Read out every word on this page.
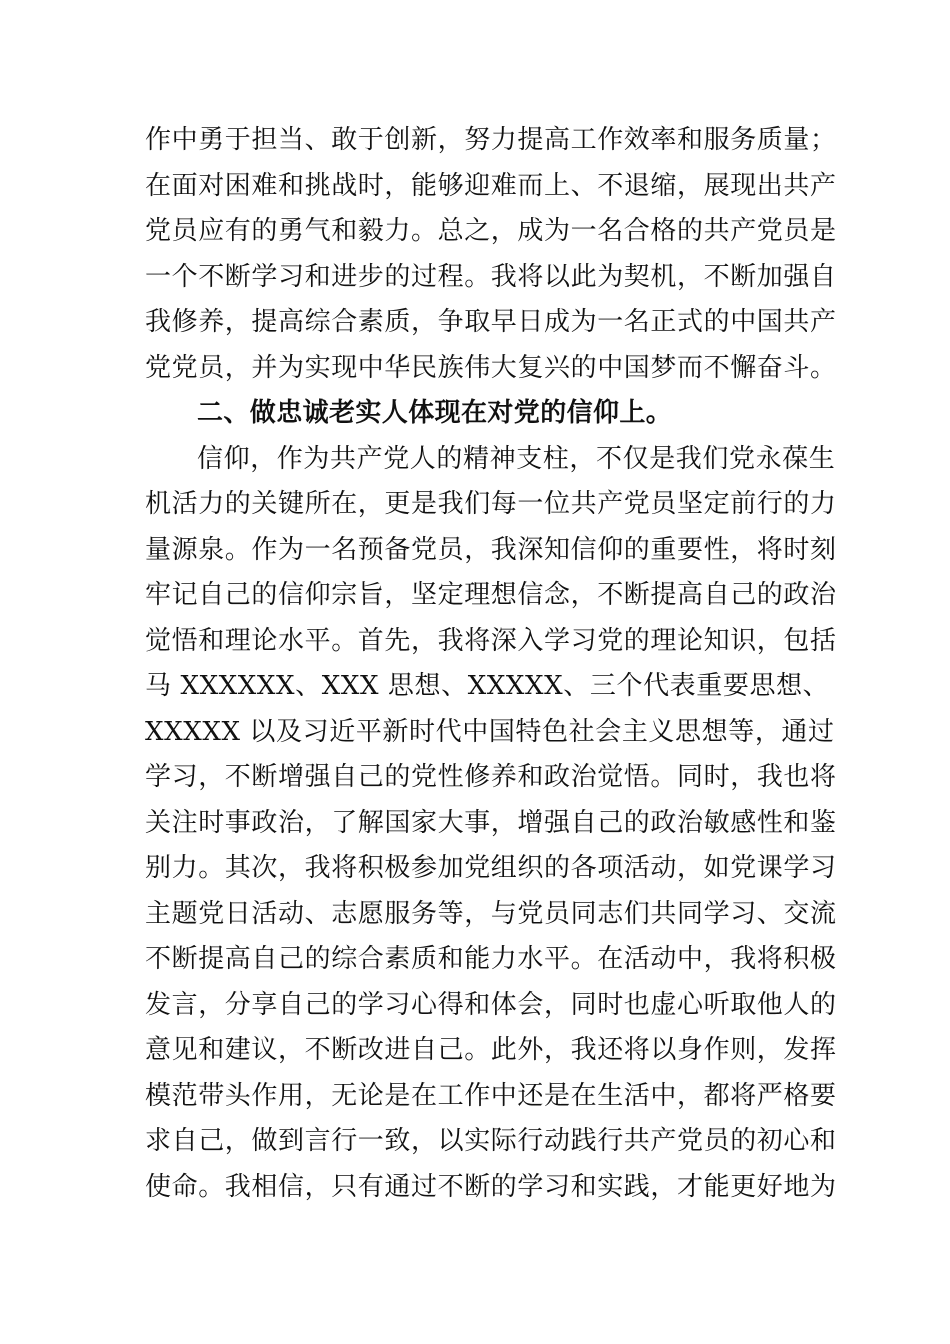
作中勇于担当、敢于创新，努力提高工作效率和服务质量；
在面对困难和挑战时，能够迎难而上、不退缩，展现出共产
党员应有的勇气和毅力。总之，成为一名合格的共产党员是
一个不断学习和进步的过程。我将以此为契机，不断加强自
我修养，提高综合素质，争取早日成为一名正式的中国共产
党党员，并为实现中华民族伟大复兴的中国梦而不懈奋斗。
二、做忠诚老实人体现在对党的信仰上。
信仰，作为共产党人的精神支柱，不仅是我们党永葆生
机活力的关键所在，更是我们每一位共产党员坚定前行的力
量源泉。作为一名预备党员，我深知信仰的重要性，将时刻
牢记自己的信仰宗旨，坚定理想信念，不断提高自己的政治
觉悟和理论水平。首先，我将深入学习党的理论知识，包括
马 XXXXXX、XXX 思想、XXXXX、三个代表重要思想、
XXXXX 以及习近平新时代中国特色社会主义思想等，通过
学习，不断增强自己的党性修养和政治觉悟。同时，我也将
关注时事政治，了解国家大事，增强自己的政治敏感性和鉴
别力。其次，我将积极参加党组织的各项活动，如党课学习
主题党日活动、志愿服务等，与党员同志们共同学习、交流
不断提高自己的综合素质和能力水平。在活动中，我将积极
发言，分享自己的学习心得和体会，同时也虚心听取他人的
意见和建议，不断改进自己。此外，我还将以身作则，发挥
模范带头作用，无论是在工作中还是在生活中，都将严格要
求自己，做到言行一致，以实际行动践行共产党员的初心和
使命。我相信，只有通过不断的学习和实践，才能更好地为
